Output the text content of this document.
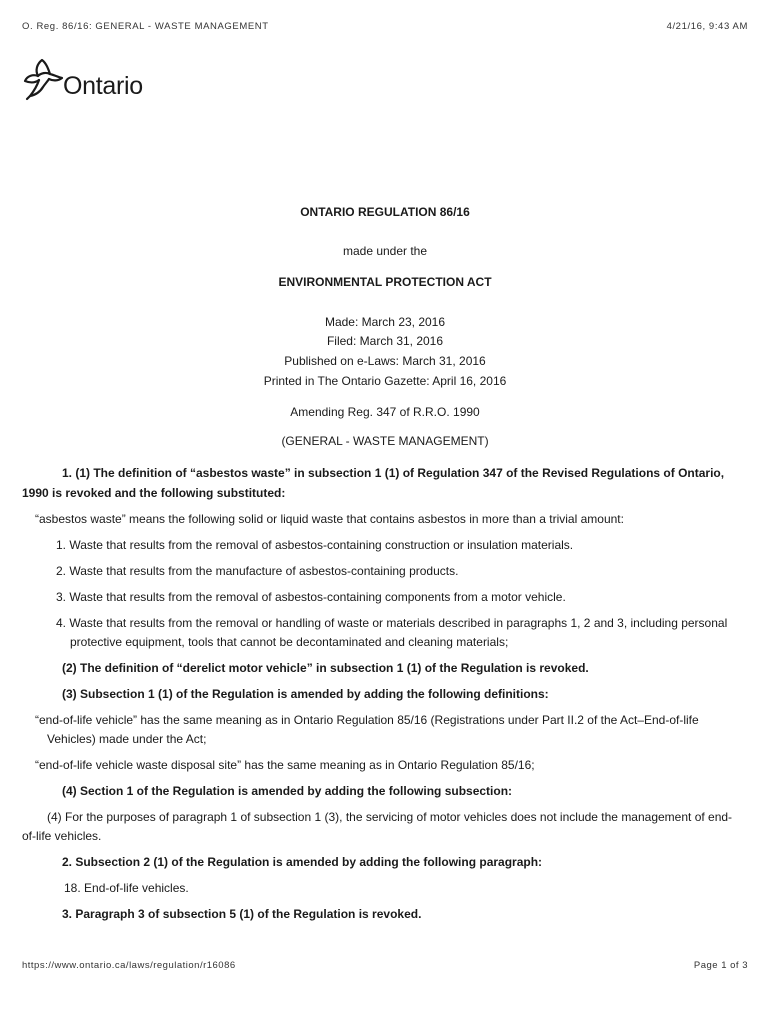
O. Reg. 86/16: GENERAL - WASTE MANAGEMENT	4/21/16, 9:43 AM
Ontario
ONTARIO REGULATION 86/16
made under the
ENVIRONMENTAL PROTECTION ACT
Made: March 23, 2016
Filed: March 31, 2016
Published on e-Laws: March 31, 2016
Printed in The Ontario Gazette: April 16, 2016
Amending Reg. 347 of R.R.O. 1990
(GENERAL - WASTE MANAGEMENT)
1. (1) The definition of “asbestos waste” in subsection 1 (1) of Regulation 347 of the Revised Regulations of Ontario,
1990 is revoked and the following substituted:
“asbestos waste” means the following solid or liquid waste that contains asbestos in more than a trivial amount:
1. Waste that results from the removal of asbestos-containing construction or insulation materials.
2. Waste that results from the manufacture of asbestos-containing products.
3. Waste that results from the removal of asbestos-containing components from a motor vehicle.
4. Waste that results from the removal or handling of waste or materials described in paragraphs 1, 2 and 3, including personal
protective equipment, tools that cannot be decontaminated and cleaning materials;
(2) The definition of “derelict motor vehicle” in subsection 1 (1) of the Regulation is revoked.
(3) Subsection 1 (1) of the Regulation is amended by adding the following definitions:
“end-of-life vehicle” has the same meaning as in Ontario Regulation 85/16 (Registrations under Part II.2 of the Act–End-of-life
Vehicles) made under the Act;
“end-of-life vehicle waste disposal site” has the same meaning as in Ontario Regulation 85/16;
(4) Section 1 of the Regulation is amended by adding the following subsection:
(4) For the purposes of paragraph 1 of subsection 1 (3), the servicing of motor vehicles does not include the management of end-
of-life vehicles.
2. Subsection 2 (1) of the Regulation is amended by adding the following paragraph:
18. End-of-life vehicles.
3. Paragraph 3 of subsection 5 (1) of the Regulation is revoked.
https://www.ontario.ca/laws/regulation/r16086	Page 1 of 3
